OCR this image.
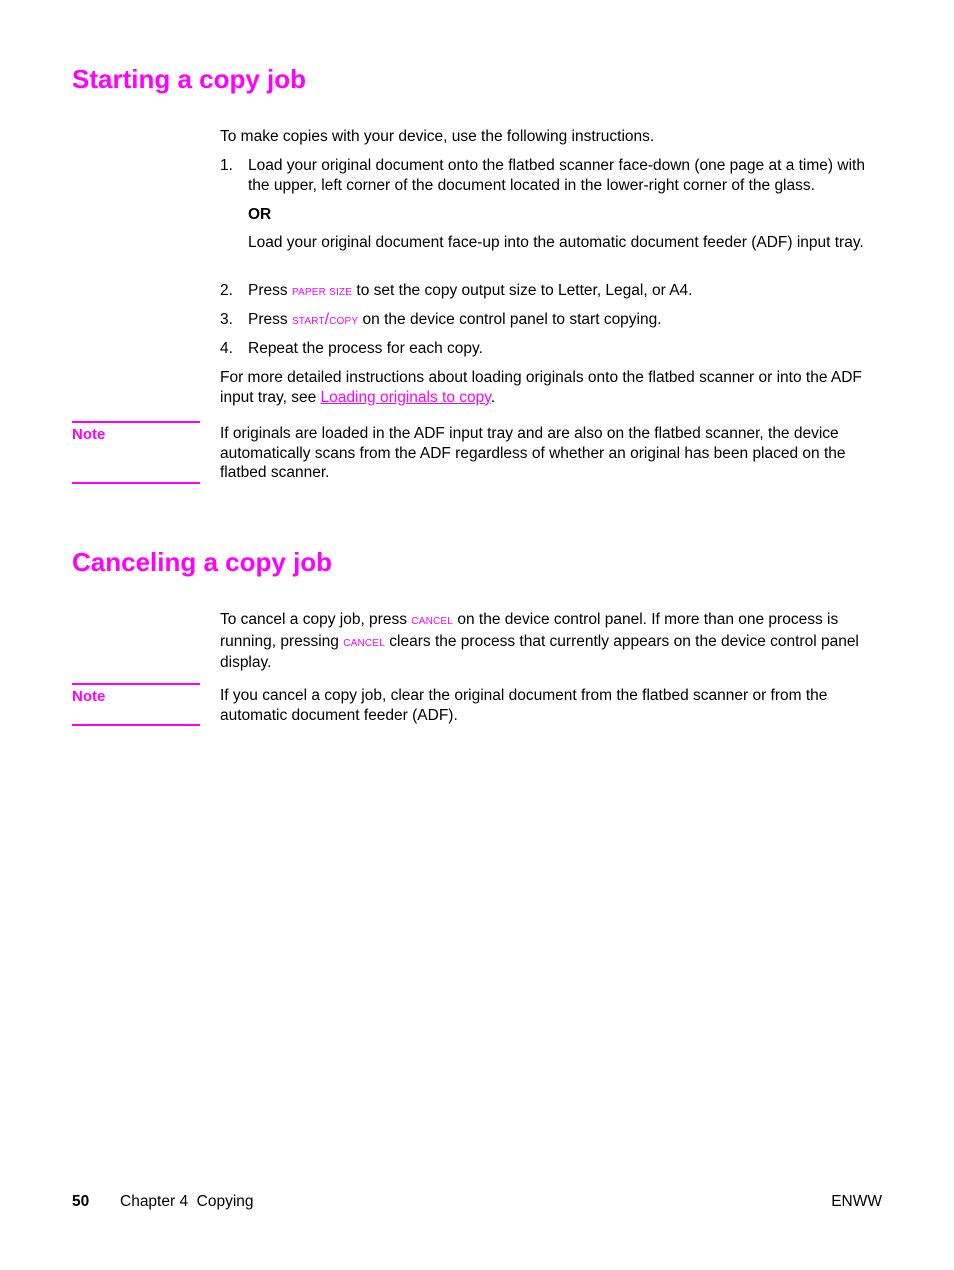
Starting a copy job

To make copies with your device, use the following instructions.

1. Load your original document onto the flatbed scanner face-down (one page at a time) with the upper, left corner of the document located in the lower-right corner of the glass.

OR

Load your original document face-up into the automatic document feeder (ADF) input tray.

2. Press PAPER SIZE to set the copy output size to Letter, Legal, or A4.
3. Press START/COPY on the device control panel to start copying.
4. Repeat the process for each copy.

For more detailed instructions about loading originals onto the flatbed scanner or into the ADF input tray, see Loading originals to copy.

Note	If originals are loaded in the ADF input tray and are also on the flatbed scanner, the device automatically scans from the ADF regardless of whether an original has been placed on the flatbed scanner.

Canceling a copy job

To cancel a copy job, press CANCEL on the device control panel. If more than one process is running, pressing CANCEL clears the process that currently appears on the device control panel display.

Note	If you cancel a copy job, clear the original document from the flatbed scanner or from the automatic document feeder (ADF).

50 Chapter 4  Copying	ENWW
